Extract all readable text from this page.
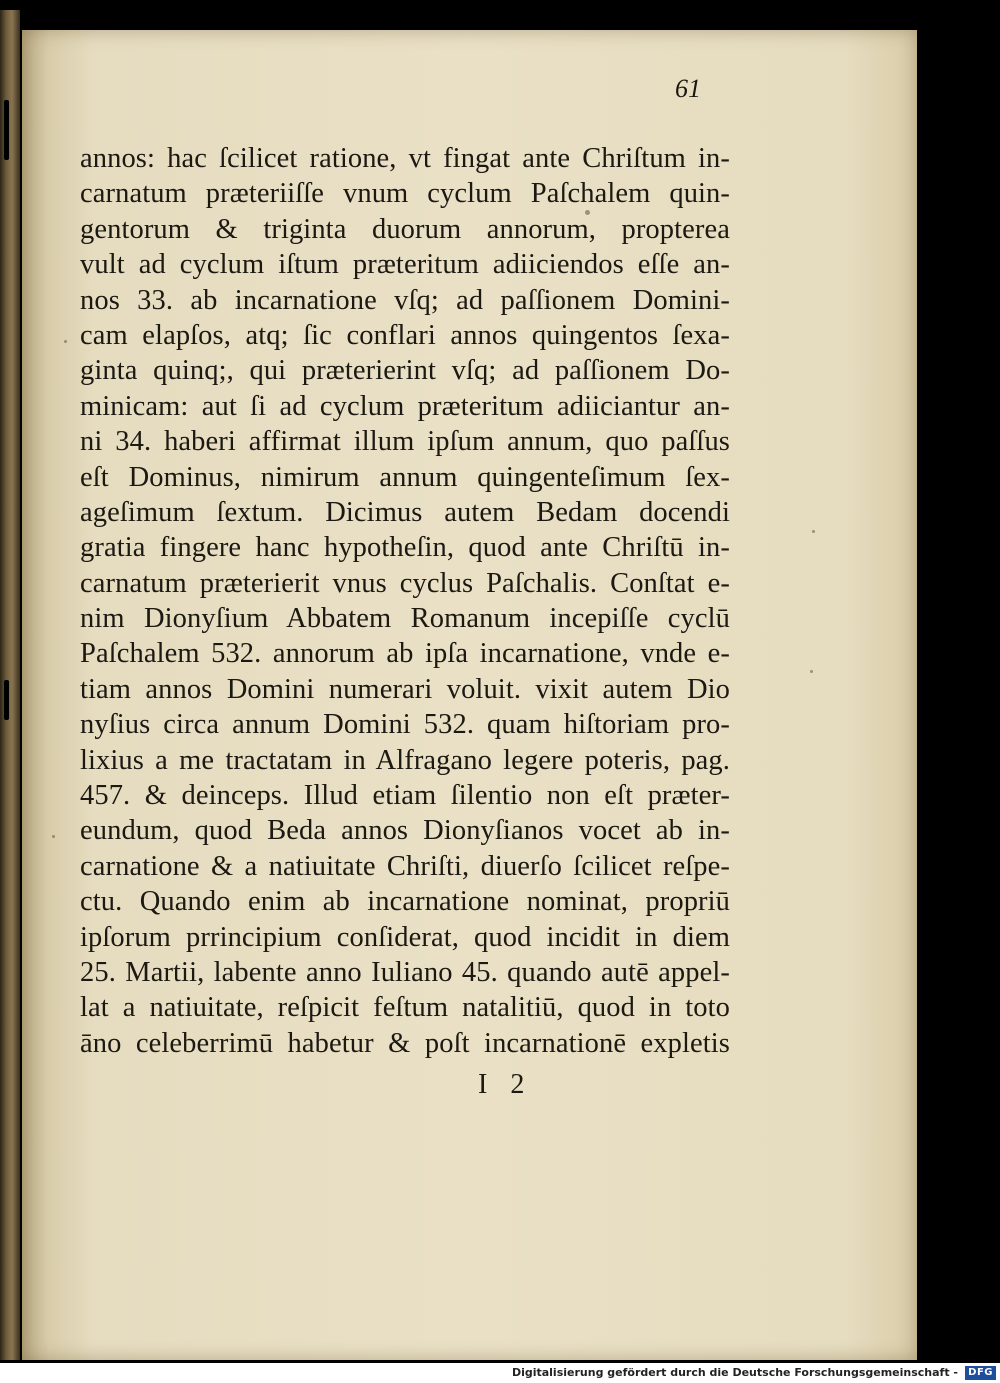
61

annos: hac ſcilicet ratione, vt fingat ante Chriſtum in-
carnatum præteriiſſe vnum cyclum Paſchalem quin-
gentorum & triginta duorum annorum, propterea
vult ad cyclum iſtum præteritum adiiciendos eſſe an-
nos 33. ab incarnatione vſq; ad paſſionem Domini-
cam elapſos, atq; ſic conflari annos quingentos ſexa-
ginta quinq;, qui præterierint vſq; ad paſſionem Do-
minicam: aut ſi ad cyclum præteritum adiiciantur an-
ni 34. haberi affirmat illum ipſum annum, quo paſſus
eſt Dominus, nimirum annum quingenteſimum ſex-
ageſimum ſextum. Dicimus autem Bedam docendi
gratia fingere hanc hypotheſin, quod ante Chriſtū in-
carnatum præterierit vnus cyclus Paſchalis. Conſtat e-
nim Dionyſium Abbatem Romanum incepiſſe cyclū
Paſchalem 532. annorum ab ipſa incarnatione, vnde e-
tiam annos Domini numerari voluit. vixit autem Dio
nyſius circa annum Domini 532. quam hiſtoriam pro-
lixius a me tractatam in Alfragano legere poteris, pag.
457. & deinceps. Illud etiam ſilentio non eſt præter-
eundum, quod Beda annos Dionyſianos vocet ab in-
carnatione & a natiuitate Chriſti, diuerſo ſcilicet reſpe-
ctu. Quando enim ab incarnatione nominat, propriū
ipſorum prrincipium conſiderat, quod incidit in diem
25. Martii, labente anno Iuliano 45. quando autē appel-
lat a natiuitate, reſpicit feſtum natalitiū, quod in toto
āno celeberrimū habetur & poſt incarnationē expletis

I 2

Digitalisierung gefördert durch die Deutsche Forschungsgemeinschaft -	DFG
